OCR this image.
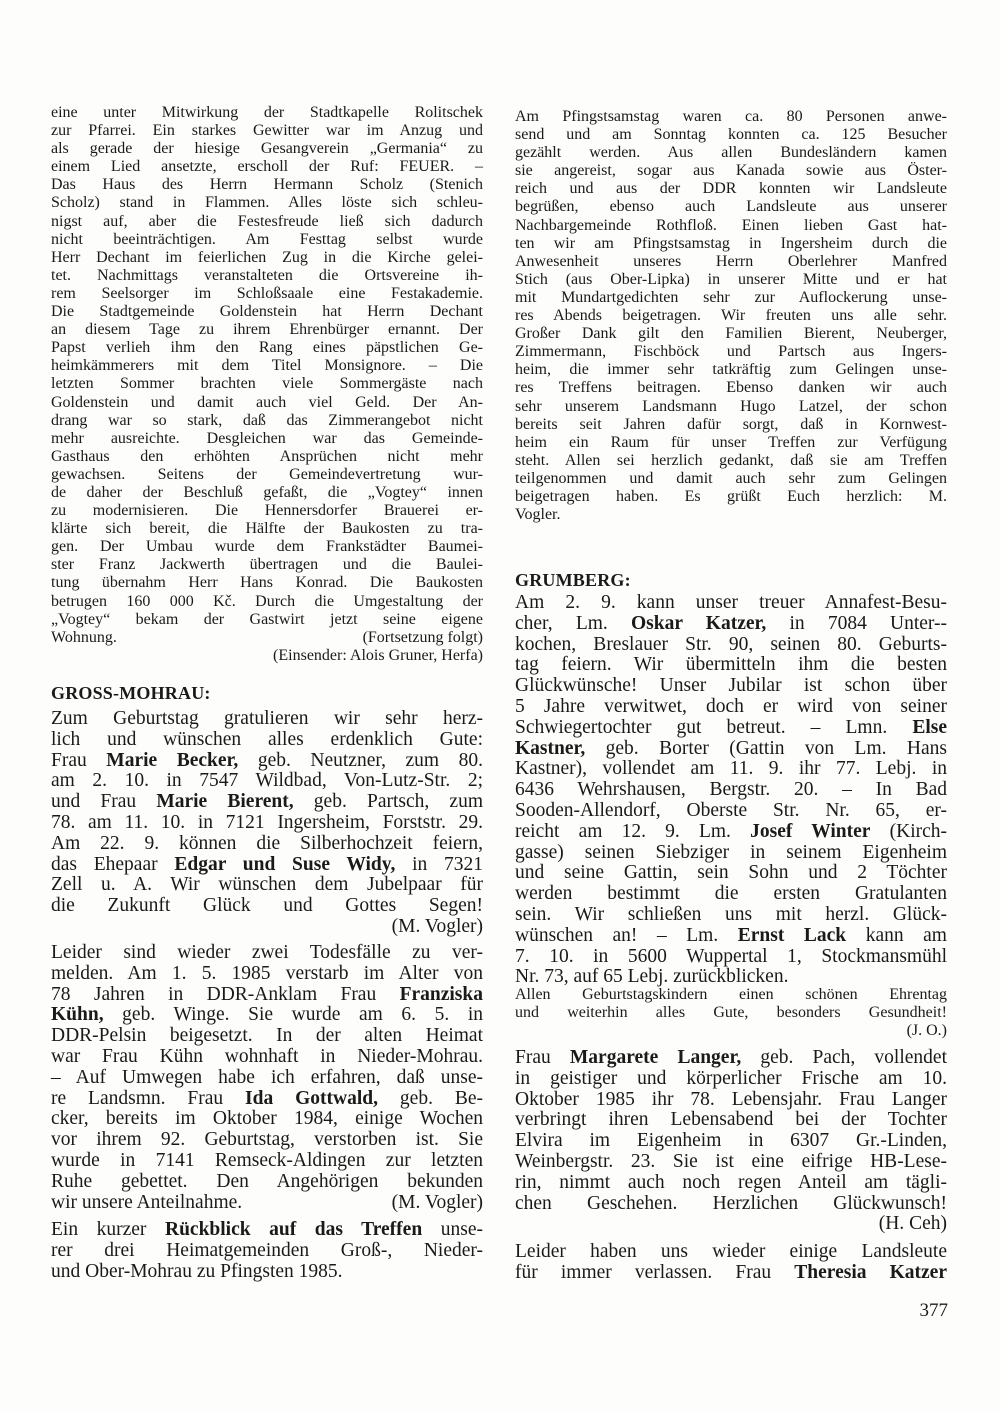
eine unter Mitwirkung der Stadtkapelle Rolitschek
zur Pfarrei. Ein starkes Gewitter war im Anzug und
als gerade der hiesige Gesangverein „Germania“ zu
einem Lied ansetzte, erscholl der Ruf: FEUER. –
Das Haus des Herrn Hermann Scholz (Stenich
Scholz) stand in Flammen. Alles löste sich schleu-
nigst auf, aber die Festesfreude ließ sich dadurch
nicht beeinträchtigen. Am Festtag selbst wurde
Herr Dechant im feierlichen Zug in die Kirche gelei-
tet. Nachmittags veranstalteten die Ortsvereine ih-
rem Seelsorger im Schloßsaale eine Festakademie.
Die Stadtgemeinde Goldenstein hat Herrn Dechant
an diesem Tage zu ihrem Ehrenbürger ernannt. Der
Papst verlieh ihm den Rang eines päpstlichen Ge-
heimkämmerers mit dem Titel Monsignore. – Die
letzten Sommer brachten viele Sommergäste nach
Goldenstein und damit auch viel Geld. Der An-
drang war so stark, daß das Zimmerangebot nicht
mehr ausreichte. Desgleichen war das Gemeinde-
Gasthaus den erhöhten Ansprüchen nicht mehr
gewachsen. Seitens der Gemeindevertretung wur-
de daher der Beschluß gefaßt, die „Vogtey“ innen
zu modernisieren. Die Hennersdorfer Brauerei er-
klärte sich bereit, die Hälfte der Baukosten zu tra-
gen. Der Umbau wurde dem Frankstädter Baumei-
ster Franz Jackwerth übertragen und die Baulei-
tung übernahm Herr Hans Konrad. Die Baukosten
betrugen 160 000 Kč. Durch die Umgestaltung der
„Vogtey“ bekam der Gastwirt jetzt seine eigene
Wohnung.	(Fortsetzung folgt)
(Einsender: Alois Gruner, Herfa)
GROSS-MOHRAU:
Zum Geburtstag gratulieren wir sehr herz-
lich und wünschen alles erdenklich Gute:
Frau Marie Becker, geb. Neutzner, zum 80.
am 2. 10. in 7547 Wildbad, Von-Lutz-Str. 2;
und Frau Marie Bierent, geb. Partsch, zum
78. am 11. 10. in 7121 Ingersheim, Forststr. 29.
Am 22. 9. können die Silberhochzeit feiern,
das Ehepaar Edgar und Suse Widy, in 7321
Zell u. A. Wir wünschen dem Jubelpaar für
die Zukunft Glück und Gottes Segen!
(M. Vogler)
Leider sind wieder zwei Todesfälle zu ver-
melden. Am 1. 5. 1985 verstarb im Alter von
78 Jahren in DDR-Anklam Frau Franziska
Kühn, geb. Winge. Sie wurde am 6. 5. in
DDR-Pelsin beigesetzt. In der alten Heimat
war Frau Kühn wohnhaft in Nieder-Mohrau.
– Auf Umwegen habe ich erfahren, daß unse-
re Landsmn. Frau Ida Gottwald, geb. Be-
cker, bereits im Oktober 1984, einige Wochen
vor ihrem 92. Geburtstag, verstorben ist. Sie
wurde in 7141 Remseck-Aldingen zur letzten
Ruhe gebettet. Den Angehörigen bekunden
wir unsere Anteilnahme.	(M. Vogler)
Ein kurzer Rückblick auf das Treffen unse-
rer drei Heimatgemeinden Groß-, Nieder-
und Ober-Mohrau zu Pfingsten 1985.
Am Pfingstsamstag waren ca. 80 Personen anwe-
send und am Sonntag konnten ca. 125 Besucher
gezählt werden. Aus allen Bundesländern kamen
sie angereist, sogar aus Kanada sowie aus Öster-
reich und aus der DDR konnten wir Landsleute
begrüßen, ebenso auch Landsleute aus unserer
Nachbargemeinde Rothfloß. Einen lieben Gast hat-
ten wir am Pfingstsamstag in Ingersheim durch die
Anwesenheit unseres Herrn Oberlehrer Manfred
Stich (aus Ober-Lipka) in unserer Mitte und er hat
mit Mundartgedichten sehr zur Auflockerung unse-
res Abends beigetragen. Wir freuten uns alle sehr.
Großer Dank gilt den Familien Bierent, Neuberger,
Zimmermann, Fischböck und Partsch aus Ingers-
heim, die immer sehr tatkräftig zum Gelingen unse-
res Treffens beitragen. Ebenso danken wir auch
sehr unserem Landsmann Hugo Latzel, der schon
bereits seit Jahren dafür sorgt, daß in Kornwest-
heim ein Raum für unser Treffen zur Verfügung
steht. Allen sei herzlich gedankt, daß sie am Treffen
teilgenommen und damit auch sehr zum Gelingen
beigetragen haben. Es grüßt Euch herzlich: M.
Vogler.
GRUMBERG:
Am 2. 9. kann unser treuer Annafest-Besu-
cher, Lm. Oskar Katzer, in 7084 Unter--
kochen, Breslauer Str. 90, seinen 80. Geburts-
tag feiern. Wir übermitteln ihm die besten
Glückwünsche! Unser Jubilar ist schon über
5 Jahre verwitwet, doch er wird von seiner
Schwiegertochter gut betreut. – Lmn. Else
Kastner, geb. Borter (Gattin von Lm. Hans
Kastner), vollendet am 11. 9. ihr 77. Lebj. in
6436 Wehrshausen, Bergstr. 20. – In Bad
Sooden-Allendorf, Oberste Str. Nr. 65, er-
reicht am 12. 9. Lm. Josef Winter (Kirch-
gasse) seinen Siebziger in seinem Eigenheim
und seine Gattin, sein Sohn und 2 Töchter
werden bestimmt die ersten Gratulanten
sein. Wir schließen uns mit herzl. Glück-
wünschen an! – Lm. Ernst Lack kann am
7. 10. in 5600 Wuppertal 1, Stockmansmühl
Nr. 73, auf 65 Lebj. zurückblicken.
Allen Geburtstagskindern einen schönen Ehrentag
und weiterhin alles Gute, besonders Gesundheit!
(J. O.)
Frau Margarete Langer, geb. Pach, vollendet
in geistiger und körperlicher Frische am 10.
Oktober 1985 ihr 78. Lebensjahr. Frau Langer
verbringt ihren Lebensabend bei der Tochter
Elvira im Eigenheim in 6307 Gr.-Linden,
Weinbergstr. 23. Sie ist eine eifrige HB-Lese-
rin, nimmt auch noch regen Anteil am tägli-
chen Geschehen. Herzlichen Glückwunsch!
(H. Ceh)
Leider haben uns wieder einige Landsleute
für immer verlassen. Frau Theresia Katzer
377
